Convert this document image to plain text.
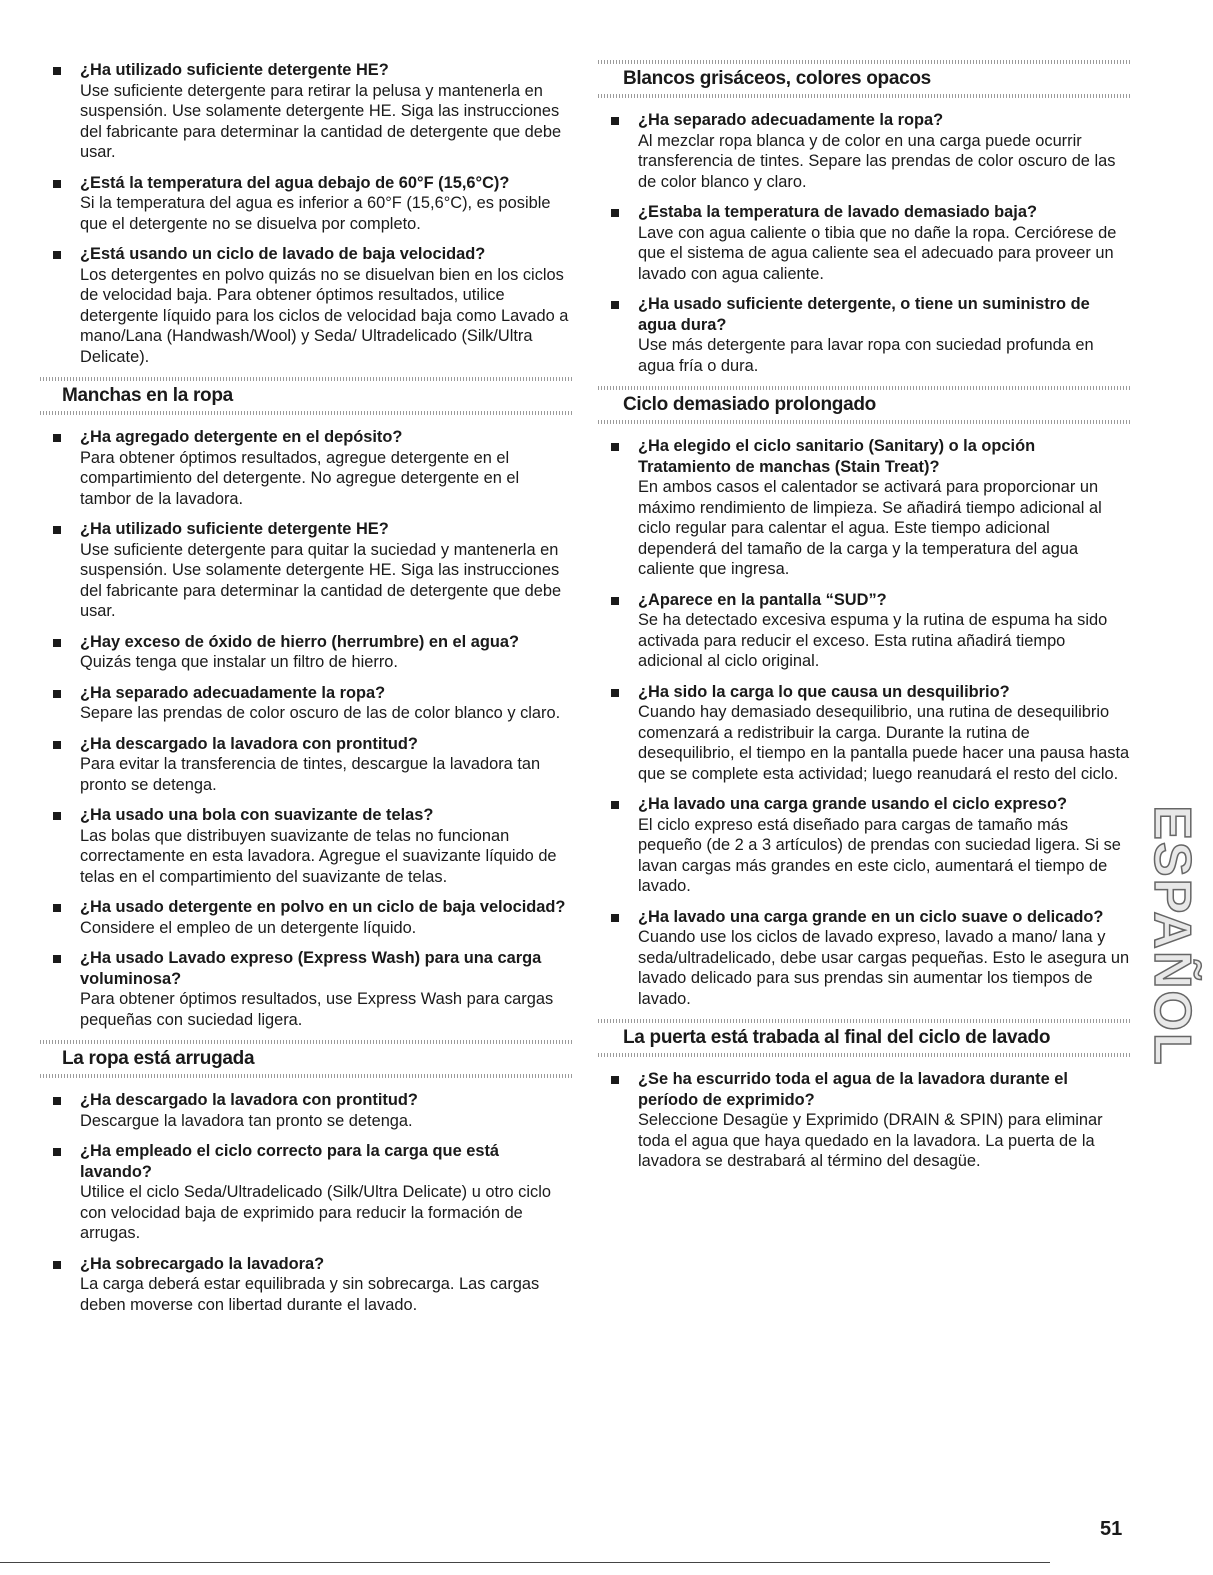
¿Ha utilizado suficiente detergente HE?
Use suficiente detergente para retirar la pelusa y mantenerla en suspensión. Use solamente detergente HE. Siga las instrucciones del fabricante para determinar la cantidad de detergente que debe usar.
¿Está la temperatura del agua debajo de 60°F (15,6°C)?
Si la temperatura del agua es inferior a 60°F (15,6°C), es posible que el detergente no se disuelva por completo.
¿Está usando un ciclo de lavado de baja velocidad?
Los detergentes en polvo quizás no se disuelvan bien en los ciclos de velocidad baja. Para obtener óptimos resultados, utilice detergente líquido para los ciclos de velocidad baja como Lavado a mano/Lana (Handwash/Wool) y Seda/ Ultradelicado (Silk/Ultra Delicate).
Manchas en la ropa
¿Ha agregado detergente en el depósito?
Para obtener óptimos resultados, agregue detergente en el compartimiento del detergente. No agregue detergente en el tambor de la lavadora.
¿Ha utilizado suficiente detergente HE?
Use suficiente detergente para quitar la suciedad y mantenerla en suspensión. Use solamente detergente HE. Siga las instrucciones del fabricante para determinar la cantidad de detergente que debe usar.
¿Hay exceso de óxido de hierro (herrumbre) en el agua?
Quizás tenga que instalar un filtro de hierro.
¿Ha separado adecuadamente la ropa?
Separe las prendas de color oscuro de las de color blanco y claro.
¿Ha descargado la lavadora con prontitud?
Para evitar la transferencia de tintes, descargue la lavadora tan pronto se detenga.
¿Ha usado una bola con suavizante de telas?
Las bolas que distribuyen suavizante de telas no funcionan correctamente en esta lavadora. Agregue el suavizante líquido de telas en el compartimiento del suavizante de telas.
¿Ha usado detergente en polvo en un ciclo de baja velocidad?
Considere el empleo de un detergente líquido.
¿Ha usado Lavado expreso (Express Wash) para una carga voluminosa?
Para obtener óptimos resultados, use Express Wash para cargas pequeñas con suciedad ligera.
La ropa está arrugada
¿Ha descargado la lavadora con prontitud?
Descargue la lavadora tan pronto se detenga.
¿Ha empleado el ciclo correcto para la carga que está lavando?
Utilice el ciclo Seda/Ultradelicado (Silk/Ultra Delicate) u otro ciclo con velocidad baja de exprimido para reducir la formación de arrugas.
¿Ha sobrecargado la lavadora?
La carga deberá estar equilibrada y sin sobrecarga. Las cargas deben moverse con libertad durante el lavado.
Blancos grisáceos, colores opacos
¿Ha separado adecuadamente la ropa?
Al mezclar ropa blanca y de color en una carga puede ocurrir transferencia de tintes. Separe las prendas de color oscuro de las de color blanco y claro.
¿Estaba la temperatura de lavado demasiado baja?
Lave con agua caliente o tibia que no dañe la ropa. Cerciórese de que el sistema de agua caliente sea el adecuado para proveer un lavado con agua caliente.
¿Ha usado suficiente detergente, o tiene un suministro de agua dura?
Use más detergente para lavar ropa con suciedad profunda en agua fría o dura.
Ciclo demasiado prolongado
¿Ha elegido el ciclo sanitario (Sanitary) o la opción Tratamiento de manchas (Stain Treat)?
En ambos casos el calentador se activará para proporcionar un máximo rendimiento de limpieza. Se añadirá tiempo adicional al ciclo regular para calentar el agua. Este tiempo adicional dependerá del tamaño de la carga y la temperatura del agua caliente que ingresa.
¿Aparece en la pantalla “SUD”?
Se ha detectado excesiva espuma y la rutina de espuma ha sido activada para reducir el exceso. Esta rutina añadirá tiempo adicional al ciclo original.
¿Ha sido la carga lo que causa un desquilibrio?
Cuando hay demasiado desequilibrio, una rutina de desequilibrio comenzará a redistribuir la carga. Durante la rutina de desequilibrio, el tiempo en la pantalla puede hacer una pausa hasta que se complete esta actividad; luego reanudará el resto del ciclo.
¿Ha lavado una carga grande usando el ciclo expreso?
El ciclo expreso está diseñado para cargas de tamaño más pequeño (de 2 a 3 artículos) de prendas con suciedad ligera. Si se lavan cargas más grandes en este ciclo, aumentará el tiempo de lavado.
¿Ha lavado una carga grande en un ciclo suave o delicado?
Cuando use los ciclos de lavado expreso, lavado a mano/ lana y seda/ultradelicado, debe usar cargas pequeñas. Esto le asegura un lavado delicado para sus prendas sin aumentar los tiempos de lavado.
La puerta está trabada al final del ciclo de lavado
¿Se ha escurrido toda el agua de la lavadora durante el período de exprimido?
Seleccione Desagüe y Exprimido (DRAIN & SPIN) para eliminar toda el agua que haya quedado en la lavadora. La puerta de la lavadora se destrabará al término del desagüe.
ESPAÑOL
51
